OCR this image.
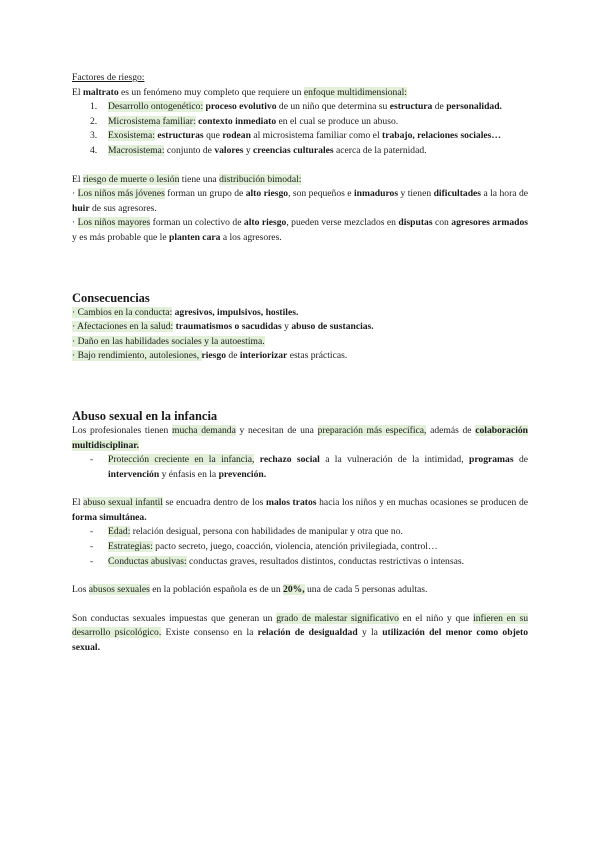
Factores de riesgo:

El maltrato es un fenómeno muy completo que requiere un enfoque multidimensional:

1. Desarrollo ontogenético: proceso evolutivo de un niño que determina su estructura de personalidad.
2. Microsistema familiar: contexto inmediato en el cual se produce un abuso.
3. Exosistema: estructuras que rodean al microsistema familiar como el trabajo, relaciones sociales…
4. Macrosistema: conjunto de valores y creencias culturales acerca de la paternidad.

El riesgo de muerte o lesión tiene una distribución bimodal:

· Los niños más jóvenes forman un grupo de alto riesgo, son pequeños e inmaduros y tienen dificultades a la hora de huir de sus agresores.

· Los niños mayores forman un colectivo de alto riesgo, pueden verse mezclados en disputas con agresores armados y es más probable que le planten cara a los agresores.

Consecuencias

· Cambios en la conducta: agresivos, impulsivos, hostiles.

· Afectaciones en la salud: traumatismos o sacudidas y abuso de sustancias.

· Daño en las habilidades sociales y la autoestima.

· Bajo rendimiento, autolesiones, riesgo de interiorizar estas prácticas.

Abuso sexual en la infancia

Los profesionales tienen mucha demanda y necesitan de una preparación más específica, además de colaboración multidisciplinar.

- Protección creciente en la infancia, rechazo social a la vulneración de la intimidad, programas de intervención y énfasis en la prevención.

El abuso sexual infantil se encuadra dentro de los malos tratos hacia los niños y en muchas ocasiones se producen de forma simultánea.

- Edad: relación desigual, persona con habilidades de manipular y otra que no.
- Estrategias: pacto secreto, juego, coacción, violencia, atención privilegiada, control…
- Conductas abusivas: conductas graves, resultados distintos, conductas restrictivas o intensas.

Los abusos sexuales en la población española es de un 20%, una de cada 5 personas adultas.

Son conductas sexuales impuestas que generan un grado de malestar significativo en el niño y que infieren en su desarrollo psicológico. Existe consenso en la relación de desigualdad y la utilización del menor como objeto sexual.
